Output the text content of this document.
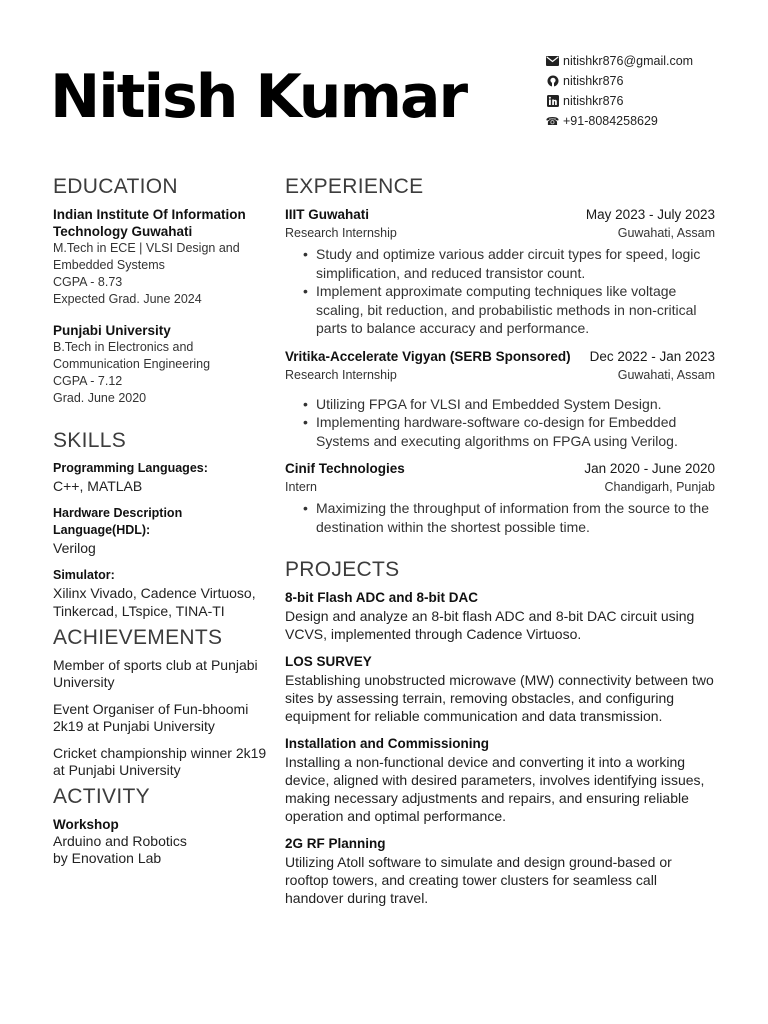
Nitish Kumar
nitishkr876@gmail.com
nitishkr876
nitishkr876
☎ +91-8084258629
EDUCATION
Indian Institute Of Information Technology Guwahati
M.Tech in ECE | VLSI Design and Embedded Systems
CGPA - 8.73
Expected Grad. June 2024
Punjabi University
B.Tech in Electronics and Communication Engineering
CGPA - 7.12
Grad. June 2020
SKILLS
Programming Languages:
C++, MATLAB
Hardware Description Language(HDL):
Verilog
Simulator:
Xilinx Vivado, Cadence Virtuoso, Tinkercad, LTspice, TINA-TI
ACHIEVEMENTS
Member of sports club at Punjabi University
Event Organiser of Fun-bhoomi 2k19 at Punjabi University
Cricket championship winner 2k19 at Punjabi University
ACTIVITY
Workshop
Arduino and Robotics
by Enovation Lab
EXPERIENCE
IIIT Guwahati	May 2023 - July 2023
Research Internship	Guwahati, Assam
• Study and optimize various adder circuit types for speed, logic simplification, and reduced transistor count.
• Implement approximate computing techniques like voltage scaling, bit reduction, and probabilistic methods in non-critical parts to balance accuracy and performance.
Vritika-Accelerate Vigyan (SERB Sponsored) Dec 2022 - Jan 2023
Research Internship	Guwahati, Assam
• Utilizing FPGA for VLSI and Embedded System Design.
• Implementing hardware-software co-design for Embedded Systems and executing algorithms on FPGA using Verilog.
Cinif Technologies	Jan 2020 - June 2020
Intern	Chandigarh, Punjab
• Maximizing the throughput of information from the source to the destination within the shortest possible time.
PROJECTS
8-bit Flash ADC and 8-bit DAC
Design and analyze an 8-bit flash ADC and 8-bit DAC circuit using VCVS, implemented through Cadence Virtuoso.
LOS SURVEY
Establishing unobstructed microwave (MW) connectivity between two sites by assessing terrain, removing obstacles, and configuring equipment for reliable communication and data transmission.
Installation and Commissioning
Installing a non-functional device and converting it into a working device, aligned with desired parameters, involves identifying issues, making necessary adjustments and repairs, and ensuring reliable operation and optimal performance.
2G RF Planning
Utilizing Atoll software to simulate and design ground-based or rooftop towers, and creating tower clusters for seamless call handover during travel.
